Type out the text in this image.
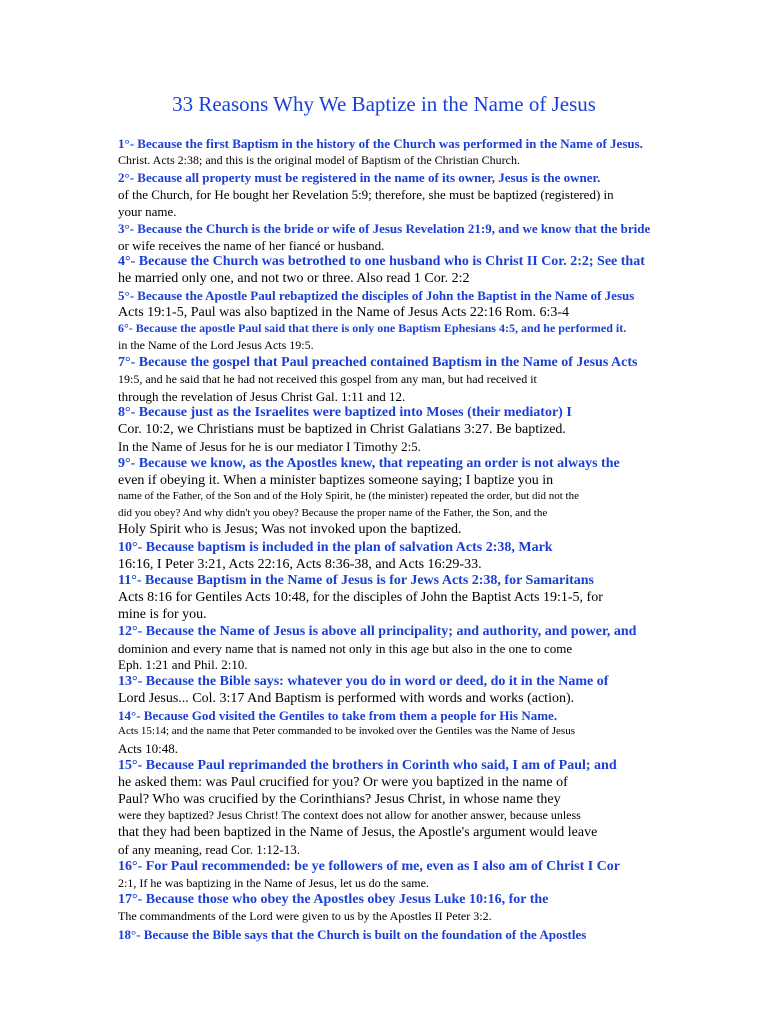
33 Reasons Why We Baptize in the Name of Jesus
1°- Because the first Baptism in the history of the Church was performed in the Name of Jesus.
Christ. Acts 2:38; and this is the original model of Baptism of the Christian Church.
2°- Because all property must be registered in the name of its owner, Jesus is the owner.
of the Church, for He bought her Revelation 5:9; therefore, she must be baptized (registered) in
your name.
3°- Because the Church is the bride or wife of Jesus Revelation 21:9, and we know that the bride
or wife receives the name of her fiancé or husband.
4°- Because the Church was betrothed to one husband who is Christ II Cor. 2:2; See that
he married only one, and not two or three. Also read 1 Cor. 2:2
5°- Because the Apostle Paul rebaptized the disciples of John the Baptist in the Name of Jesus
Acts 19:1-5, Paul was also baptized in the Name of Jesus Acts 22:16 Rom. 6:3-4
6°- Because the apostle Paul said that there is only one Baptism Ephesians 4:5, and he performed it.
in the Name of the Lord Jesus Acts 19:5.
7°- Because the gospel that Paul preached contained Baptism in the Name of Jesus Acts
19:5, and he said that he had not received this gospel from any man, but had received it
through the revelation of Jesus Christ Gal. 1:11 and 12.
8°- Because just as the Israelites were baptized into Moses (their mediator) I
Cor. 10:2, we Christians must be baptized in Christ Galatians 3:27. Be baptized.
In the Name of Jesus for he is our mediator I Timothy 2:5.
9°- Because we know, as the Apostles knew, that repeating an order is not always the
even if obeying it. When a minister baptizes someone saying; I baptize you in
name of the Father, of the Son and of the Holy Spirit, he (the minister) repeated the order, but did not the
did you obey? And why didn't you obey? Because the proper name of the Father, the Son, and the
Holy Spirit who is Jesus; Was not invoked upon the baptized.
10°- Because baptism is included in the plan of salvation Acts 2:38, Mark
16:16, I Peter 3:21, Acts 22:16, Acts 8:36-38, and Acts 16:29-33.
11°- Because Baptism in the Name of Jesus is for Jews Acts 2:38, for Samaritans
Acts 8:16 for Gentiles Acts 10:48, for the disciples of John the Baptist Acts 19:1-5, for
mine is for you.
12°- Because the Name of Jesus is above all principality; and authority, and power, and
dominion and every name that is named not only in this age but also in the one to come
Eph. 1:21 and Phil. 2:10.
13°- Because the Bible says: whatever you do in word or deed, do it in the Name of
Lord Jesus... Col. 3:17 And Baptism is performed with words and works (action).
14°- Because God visited the Gentiles to take from them a people for His Name.
Acts 15:14; and the name that Peter commanded to be invoked over the Gentiles was the Name of Jesus
Acts 10:48.
15°- Because Paul reprimanded the brothers in Corinth who said, I am of Paul; and
he asked them: was Paul crucified for you? Or were you baptized in the name of
Paul? Who was crucified by the Corinthians? Jesus Christ, in whose name they
were they baptized? Jesus Christ! The context does not allow for another answer, because unless
that they had been baptized in the Name of Jesus, the Apostle's argument would leave
of any meaning, read Cor. 1:12-13.
16°- For Paul recommended: be ye followers of me, even as I also am of Christ I Cor
2:1, If he was baptizing in the Name of Jesus, let us do the same.
17°- Because those who obey the Apostles obey Jesus Luke 10:16, for the
The commandments of the Lord were given to us by the Apostles II Peter 3:2.
18°- Because the Bible says that the Church is built on the foundation of the Apostles
